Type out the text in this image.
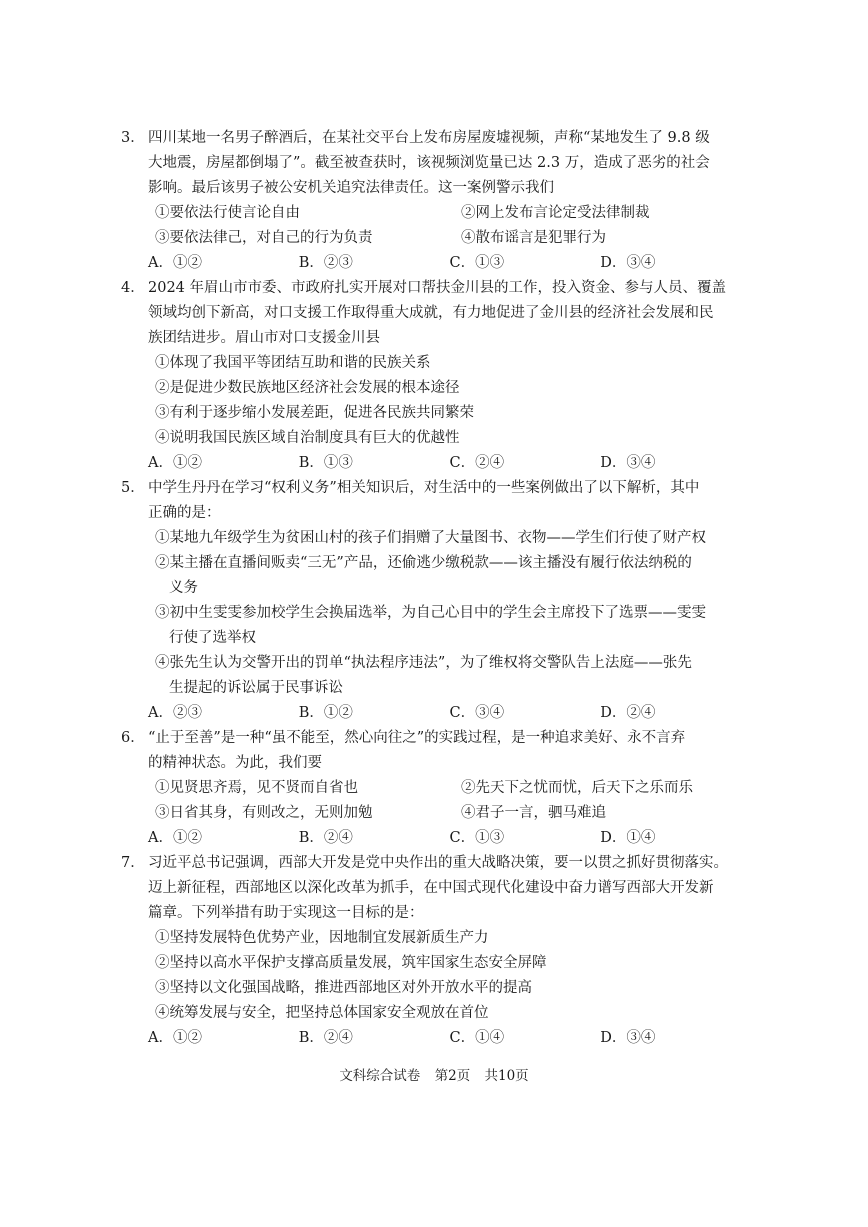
3． 四川某地一名男子醉酒后，在某社交平台上发布房屋废墟视频，声称“某地发生了 9.8 级
大地震，房屋都倒塌了”。截至被查获时，该视频浏览量已达 2.3 万，造成了恶劣的社会
影响。最后该男子被公安机关追究法律责任。这一案例警示我们
①要依法行使言论自由	②网上发布言论定受法律制裁
③要依法律己，对自己的行为负责	④散布谣言是犯罪行为
A．①②	B．②③	C．①③	D．③④
4． 2024 年眉山市市委、市政府扎实开展对口帮扶金川县的工作，投入资金、参与人员、覆盖
领域均创下新高，对口支援工作取得重大成就，有力地促进了金川县的经济社会发展和民
族团结进步。眉山市对口支援金川县
①体现了我国平等团结互助和谐的民族关系
②是促进少数民族地区经济社会发展的根本途径
③有利于逐步缩小发展差距，促进各民族共同繁荣
④说明我国民族区域自治制度具有巨大的优越性
A．①②	B．①③	C．②④	D．③④
5． 中学生丹丹在学习“权利义务”相关知识后，对生活中的一些案例做出了以下解析，其中
正确的是：
①某地九年级学生为贫困山村的孩子们捐赠了大量图书、衣物——学生们行使了财产权
②某主播在直播间贩卖“三无”产品，还偷逃少缴税款——该主播没有履行依法纳税的
义务
③初中生雯雯参加校学生会换届选举，为自己心目中的学生会主席投下了选票——雯雯
行使了选举权
④张先生认为交警开出的罚单“执法程序违法”，为了维权将交警队告上法庭——张先
生提起的诉讼属于民事诉讼
A．②③	B．①②	C．③④	D．②④
6． “止于至善”是一种“虽不能至，然心向往之”的实践过程，是一种追求美好、永不言弃
的精神状态。为此，我们要
①见贤思齐焉，见不贤而自省也	②先天下之忧而忧，后天下之乐而乐
③日省其身，有则改之，无则加勉	④君子一言，驷马难追
A．①②	B．②④	C．①③	D．①④
7． 习近平总书记强调，西部大开发是党中央作出的重大战略决策，要一以贯之抓好贯彻落实。
迈上新征程，西部地区以深化改革为抓手，在中国式现代化建设中奋力谱写西部大开发新
篇章。下列举措有助于实现这一目标的是：
①坚持发展特色优势产业，因地制宜发展新质生产力
②坚持以高水平保护支撑高质量发展，筑牢国家生态安全屏障
③坚持以文化强国战略，推进西部地区对外开放水平的提高
④统筹发展与安全，把坚持总体国家安全观放在首位
A．①②	B．②④	C．①④	D．③④
文科综合试卷 第2页 共10页
